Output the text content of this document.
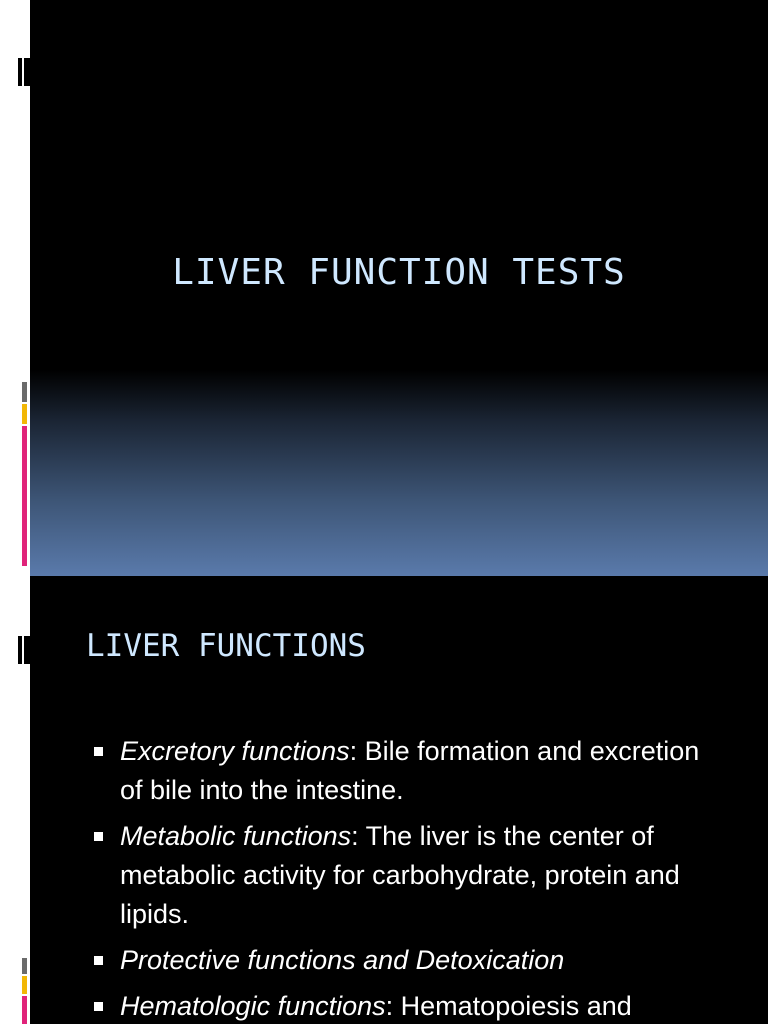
LIVER FUNCTION TESTS
LIVER FUNCTIONS
Excretory functions: Bile formation and excretion of bile into the intestine.
Metabolic functions: The liver is the center of metabolic activity for carbohydrate, protein and lipids.
Protective functions and Detoxication
Hematologic functions: Hematopoiesis and
